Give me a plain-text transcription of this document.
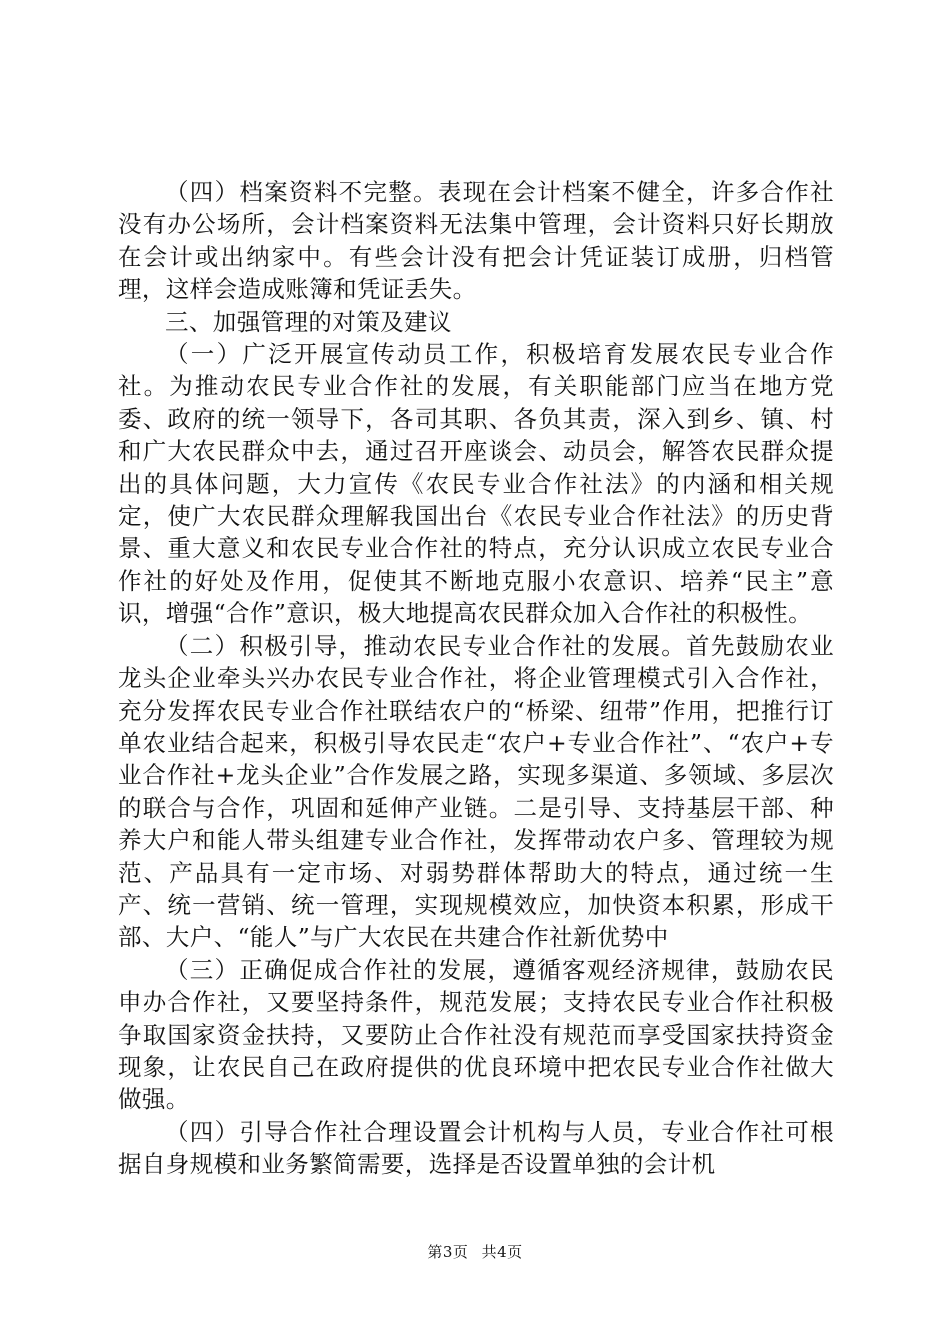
（四）档案资料不完整。表现在会计档案不健全，许多合作社没有办公场所，会计档案资料无法集中管理，会计资料只好长期放在会计或出纳家中。有些会计没有把会计凭证装订成册，归档管理，这样会造成账簿和凭证丢失。

三、加强管理的对策及建议

（一）广泛开展宣传动员工作，积极培育发展农民专业合作社。为推动农民专业合作社的发展，有关职能部门应当在地方党委、政府的统一领导下，各司其职、各负其责，深入到乡、镇、村和广大农民群众中去，通过召开座谈会、动员会，解答农民群众提出的具体问题，大力宣传《农民专业合作社法》的内涵和相关规定，使广大农民群众理解我国出台《农民专业合作社法》的历史背景、重大意义和农民专业合作社的特点，充分认识成立农民专业合作社的好处及作用，促使其不断地克服小农意识、培养“民主”意识，增强“合作”意识，极大地提高农民群众加入合作社的积极性。

（二）积极引导，推动农民专业合作社的发展。首先鼓励农业龙头企业牵头兴办农民专业合作社，将企业管理模式引入合作社，充分发挥农民专业合作社联结农户的“桥梁、纽带”作用，把推行订单农业结合起来，积极引导农民走“农户+专业合作社”、“农户+专业合作社+龙头企业”合作发展之路，实现多渠道、多领域、多层次的联合与合作，巩固和延伸产业链。二是引导、支持基层干部、种养大户和能人带头组建专业合作社，发挥带动农户多、管理较为规范、产品具有一定市场、对弱势群体帮助大的特点，通过统一生产、统一营销、统一管理，实现规模效应，加快资本积累，形成干部、大户、“能人”与广大农民在共建合作社新优势中

（三）正确促成合作社的发展，遵循客观经济规律，鼓励农民申办合作社，又要坚持条件，规范发展；支持农民专业合作社积极争取国家资金扶持，又要防止合作社没有规范而享受国家扶持资金现象，让农民自己在政府提供的优良环境中把农民专业合作社做大做强。

（四）引导合作社合理设置会计机构与人员，专业合作社可根据自身规模和业务繁简需要，选择是否设置单独的会计机

第3页 共4页
